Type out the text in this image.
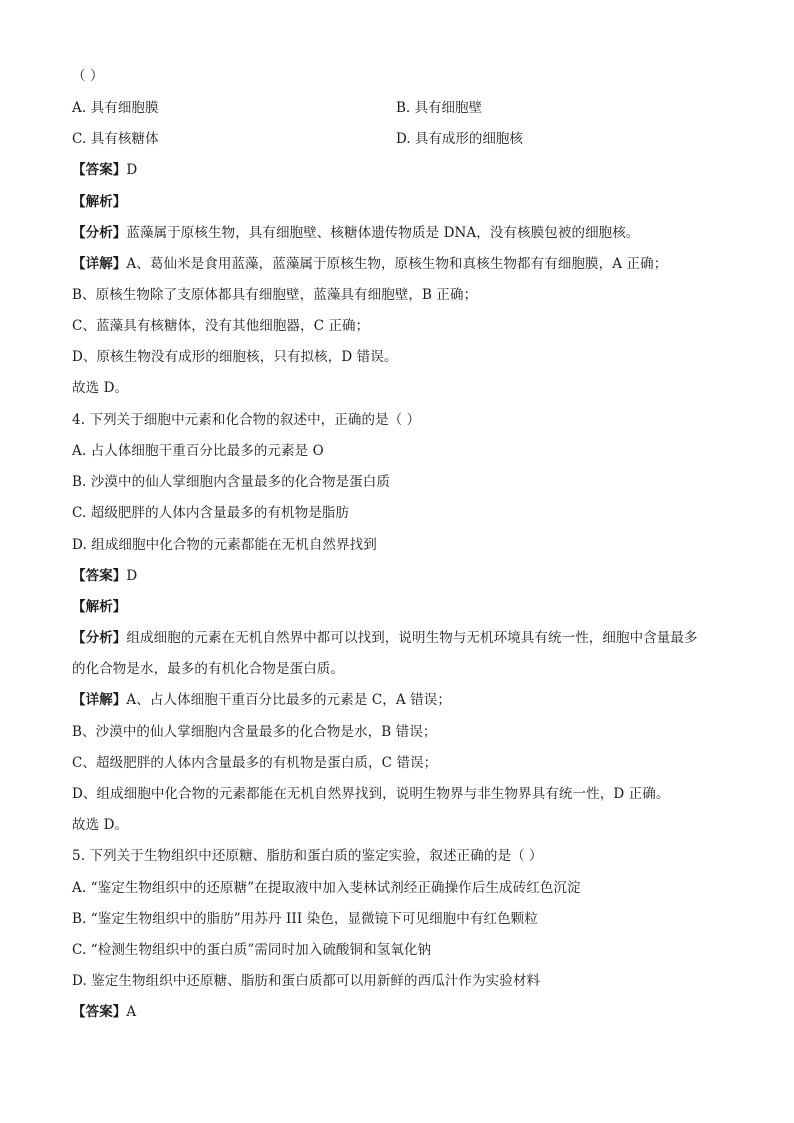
（ ）
A. 具有细胞膜	B. 具有细胞壁
C. 具有核糖体	D. 具有成形的细胞核
【答案】D
【解析】
【分析】蓝藻属于原核生物，具有细胞壁、核糖体遗传物质是 DNA，没有核膜包被的细胞核。
【详解】A、葛仙米是食用蓝藻，蓝藻属于原核生物，原核生物和真核生物都有有细胞膜，A 正确；
B、原核生物除了支原体都具有细胞壁，蓝藻具有细胞壁，B 正确；
C、蓝藻具有核糖体，没有其他细胞器，C 正确；
D、原核生物没有成形的细胞核，只有拟核，D 错误。
故选 D。
4. 下列关于细胞中元素和化合物的叙述中，正确的是（ ）
A. 占人体细胞干重百分比最多的元素是 O
B. 沙漠中的仙人掌细胞内含量最多的化合物是蛋白质
C. 超级肥胖的人体内含量最多的有机物是脂肪
D. 组成细胞中化合物的元素都能在无机自然界找到
【答案】D
【解析】
【分析】组成细胞的元素在无机自然界中都可以找到，说明生物与无机环境具有统一性，细胞中含量最多
的化合物是水，最多的有机化合物是蛋白质。
【详解】A、占人体细胞干重百分比最多的元素是 C，A 错误；
B、沙漠中的仙人掌细胞内含量最多的化合物是水，B 错误；
C、超级肥胖的人体内含量最多的有机物是蛋白质，C 错误；
D、组成细胞中化合物的元素都能在无机自然界找到，说明生物界与非生物界具有统一性，D 正确。
故选 D。
5. 下列关于生物组织中还原糖、脂肪和蛋白质的鉴定实验，叙述正确的是（ ）
A. “鉴定生物组织中的还原糖”在提取液中加入斐林试剂经正确操作后生成砖红色沉淀
B. “鉴定生物组织中的脂肪”用苏丹 III 染色，显微镜下可见细胞中有红色颗粒
C. “检测生物组织中的蛋白质”需同时加入硫酸铜和氢氧化钠
D. 鉴定生物组织中还原糖、脂肪和蛋白质都可以用新鲜的西瓜汁作为实验材料
【答案】A
